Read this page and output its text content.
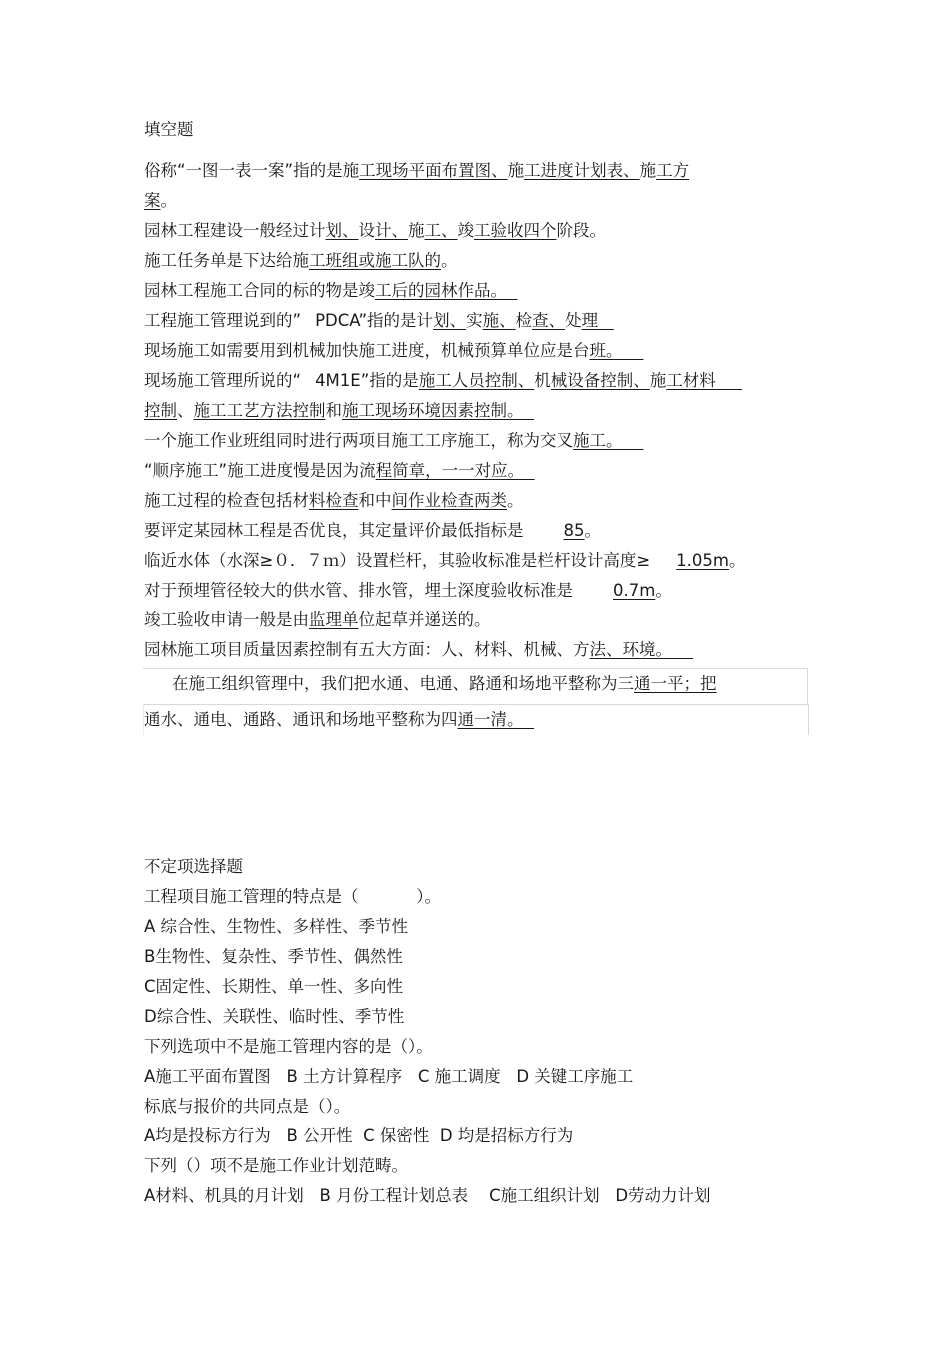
填空题
俗称“一图一表一案”指的是施工现场平面布置图、施工进度计划表、施工方
案。
园林工程建设一般经过计划、设计、施工、竣工验收四个阶段。
施工任务单是下达给施工班组或施工队的。
园林工程施工合同的标的物是竣工后的园林作品。
工程施工管理说到的” PDCA”指的是计划、实施、检查、处理
现场施工如需要用到机械加快施工进度，机械预算单位应是台班。
现场施工管理所说的“ 4M1E”指的是施工人员控制、机械设备控制、施工材料
控制、施工工艺方法控制和施工现场环境因素控制。
一个施工作业班组同时进行两项目施工工序施工，称为交叉施工。
“顺序施工”施工进度慢是因为流程简章，一一对应。
施工过程的检查包括材料检查和中间作业检查两类。
要评定某园林工程是否优良，其定量评价最低指标是 85。
临近水体（水深≥０．７ｍ）设置栏杆，其验收标准是栏杆设计高度≥ 1.05m。
对于预埋管径较大的供水管、排水管，埋土深度验收标准是 0.7m。
竣工验收申请一般是由监理单位起草并递送的。
园林施工项目质量因素控制有五大方面：人、材料、机械、方法、环境。
在施工组织管理中，我们把水通、电通、路通和场地平整称为三通一平；把
通水、通电、通路、通讯和场地平整称为四通一清。
不定项选择题
工程项目施工管理的特点是（           ）。
A 综合性、生物性、多样性、季节性
B生物性、复杂性、季节性、偶然性
C固定性、长期性、单一性、多向性
D综合性、关联性、临时性、季节性
下列选项中不是施工管理内容的是（）。
A施工平面布置图   B 土方计算程序   C 施工调度   D 关键工序施工
标底与报价的共同点是（）。
A均是投标方行为   B 公开性  C 保密性  D 均是招标方行为
下列（）项不是施工作业计划范畴。
A材料、机具的月计划   B 月份工程计划总表    C施工组织计划   D劳动力计划
